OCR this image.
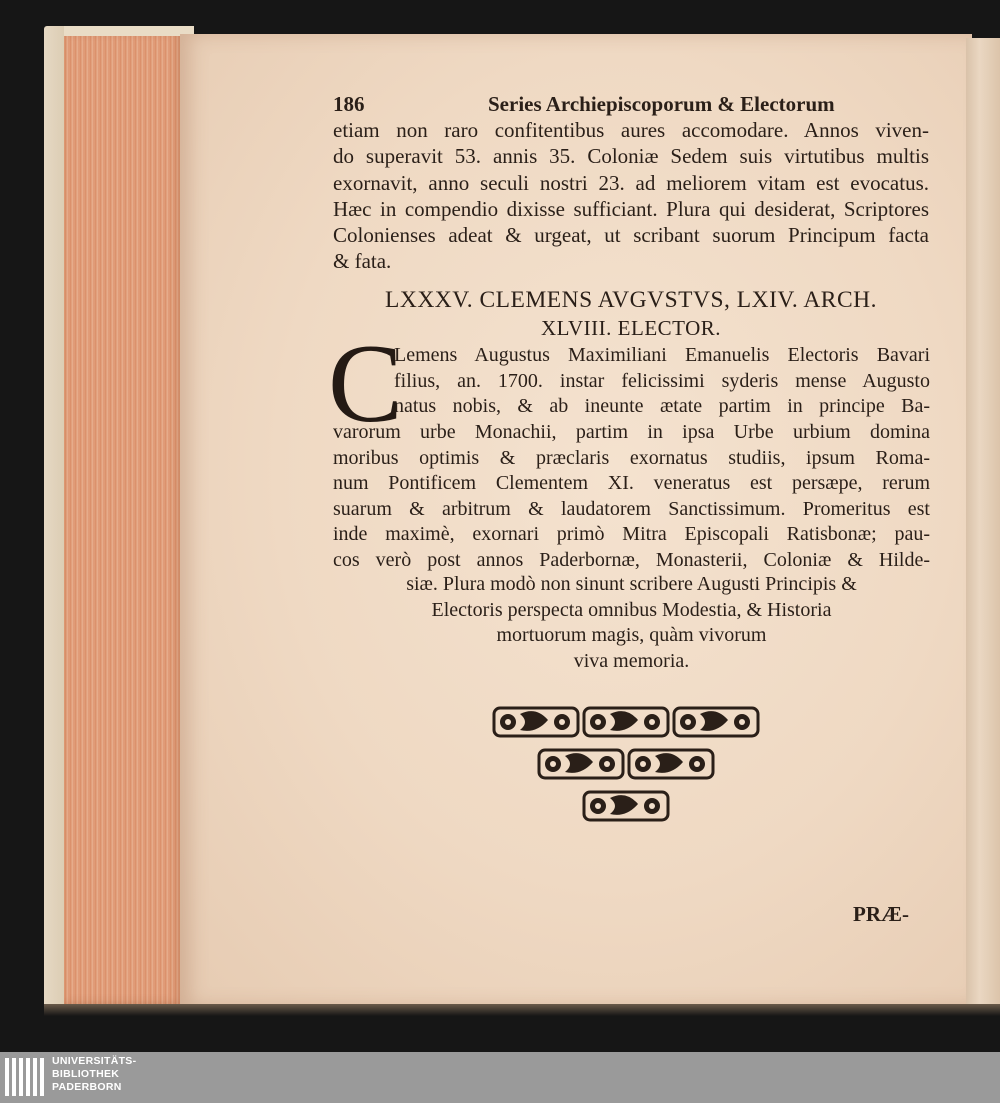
186	Series Archiepiscoporum & Electorum
etiam non raro confitentibus aures accomodare. Annos viven-
do superavit 53. annis 35. Coloniæ Sedem suis virtutibus multis
exornavit, anno seculi nostri 23. ad meliorem vitam est evocatus.
Hæc in compendio dixisse sufficiant. Plura qui desiderat, Scriptores
Colonienses adeat & urgeat, ut scribant suorum Principum facta
& fata.
LXXXV. CLEMENS AVGVSTVS, LXIV. ARCH.
XLVIII. ELECTOR.
C
Lemens Augustus Maximiliani Emanuelis Electoris Bavari
filius, an. 1700. instar felicissimi syderis mense Augusto
natus nobis, & ab ineunte ætate partim in principe Ba-
varorum urbe Monachii, partim in ipsa Urbe urbium domina
moribus optimis & præclaris exornatus studiis, ipsum Roma-
num Pontificem Clementem XI. veneratus est persæpe, rerum
suarum & arbitrum & laudatorem Sanctissimum. Promeritus est
inde maximè, exornari primò Mitra Episcopali Ratisbonæ; pau-
cos verò post annos Paderbornæ, Monasterii, Coloniæ & Hilde-
siæ. Plura modò non sinunt scribere Augusti Principis &
Electoris perspecta omnibus Modestia, & Historia
mortuorum magis, quàm vivorum
viva memoria.
PRÆ-
UNIVERSITÄTS-
BIBLIOTHEK
PADERBORN
